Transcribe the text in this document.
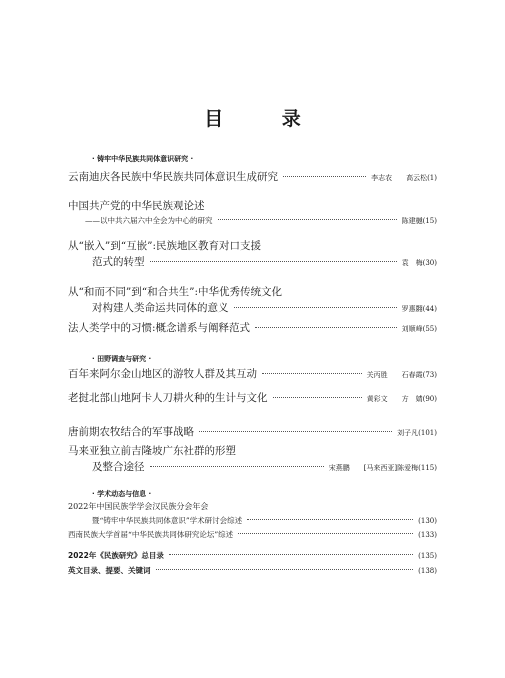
目 录
· 铸牢中华民族共同体意识研究 ·
云南迪庆各民族中华民族共同体意识生成研究	李志农 高云松(1)
中国共产党的中华民族观论述
——以中共六届六中全会为中心的研究	陈建樾(15)
从“嵌入”到“互嵌”:民族地区教育对口支援
范式的转型	袁　梅(30)
从“和而不同”到“和合共生”:中华优秀传统文化
对构建人类命运共同体的意义	罗惠翾(44)
法人类学中的习惯:概念谱系与阐释范式	刘顺峰(55)
· 田野调查与研究 ·
百年来阿尔金山地区的游牧人群及其互动	关丙胜 石春霞(73)
老挝北部山地阿卡人刀耕火种的生计与文化	黄彩文 方　婧(90)
唐前期农牧结合的军事战略	刘子凡(101)
马来亚独立前吉隆坡广东社群的形塑
及整合途径	宋燕鹏 [马来西亚]陈爱梅(115)
· 学术动态与信息 ·
2022年中国民族学学会汉民族分会年会
暨“铸牢中华民族共同体意识”学术研讨会综述	(130)
西南民族大学首届“中华民族共同体研究论坛”综述	(133)
2022年《民族研究》总目录	(135)
英文目录、提要、关键词	(138)
